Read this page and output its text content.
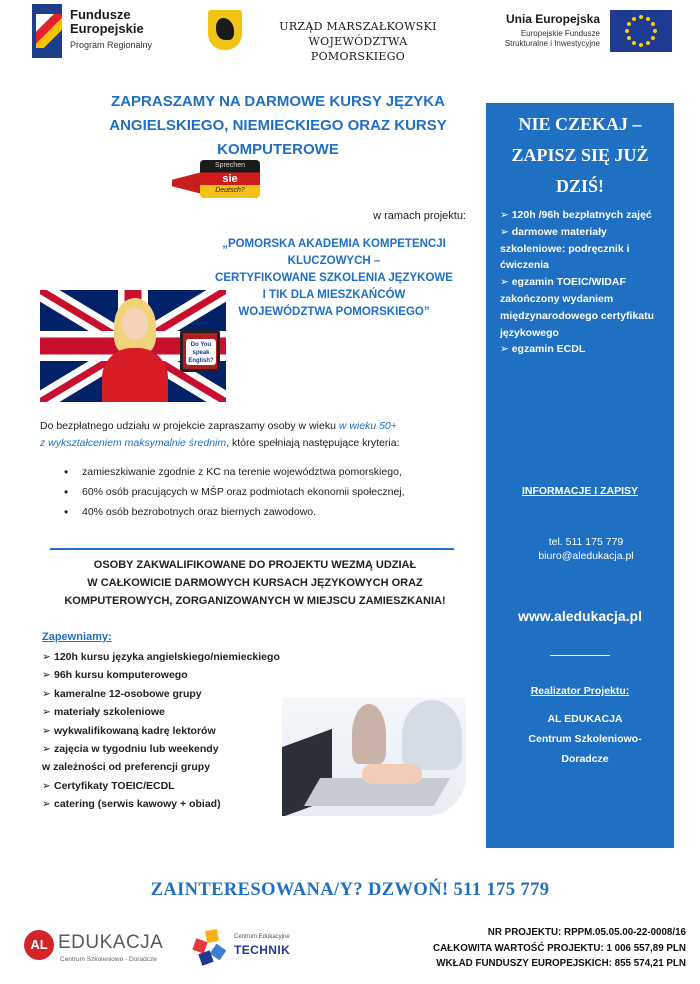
Fundusze
Europejskie
Program Regionalny
URZĄD MARSZAŁKOWSKI
WOJEWÓDZTWA POMORSKIEGO
Unia Europejska
Europejskie Fundusze
Strukturalne i Inwestycyjne
ZAPRASZAMY NA DARMOWE KURSY JĘZYKA
ANGIELSKIEGO, NIEMIECKIEGO ORAZ KURSY
KOMPUTEROWE
Sprechen
sie
Deutsch?
w ramach projektu:
„POMORSKA AKADEMIA KOMPETENCJI KLUCZOWYCH –
CERTYFIKOWANE SZKOLENIA JĘZYKOWE
I TIK DLA MIESZKAŃCÓW
WOJEWÓDZTWA POMORSKIEGO”
Do You
speak
English?
Do bezpłatnego udziału w projekcie zapraszamy osoby w wieku w wieku 50+
z wykształceniem maksymalnie średnim, które spełniają następujące kryteria:
• zamieszkiwanie zgodnie z KC na terenie województwa pomorskiego,
• 60% osób pracujących w MŚP oraz podmiotach ekonomii społecznej,
• 40% osób bezrobotnych oraz biernych zawodowo.
OSOBY ZAKWALIFIKOWANE DO PROJEKTU WEZMĄ UDZIAŁ
W CAŁKOWICIE DARMOWYCH KURSACH JĘZYKOWYCH ORAZ
KOMPUTEROWYCH, ZORGANIZOWANYCH W MIEJSCU ZAMIESZKANIA!
Zapewniamy:
➢ 120h kursu języka angielskiego/niemieckiego
➢ 96h kursu komputerowego
➢ kameralne 12-osobowe grupy
➢ materiały szkoleniowe
➢ wykwalifikowaną kadrę lektorów
➢ zajęcia w tygodniu lub weekendy
w zależności od preferencji grupy
➢ Certyfikaty TOEIC/ECDL
➢ catering (serwis kawowy + obiad)
NIE CZEKAJ –
ZAPISZ SIĘ JUŻ
DZIŚ!
➢ 120h /96h bezpłatnych zajęć
➢ darmowe materiały szkoleniowe: podręcznik i ćwiczenia
➢ egzamin TOEIC/WIDAF zakończony wydaniem międzynarodowego certyfikatu językowego
➢ egzamin ECDL
INFORMACJE I ZAPISY
tel. 511 175 779
biuro@aledukacja.pl
www.aledukacja.pl
Realizator Projektu:
AL EDUKACJA
Centrum Szkoleniowo-
Doradcze
ZAINTERESOWANA/Y? DZWOŃ! 511 175 779
AL EDUKACJA
Centrum Szkoleniowo - Doradcze
Centrum Edukacyjne
TECHNIK
NR PROJEKTU: RPPM.05.05.00-22-0008/16
CAŁKOWITA WARTOŚĆ PROJEKTU: 1 006 557,89 PLN
WKŁAD FUNDUSZY EUROPEJSKICH: 855 574,21 PLN
